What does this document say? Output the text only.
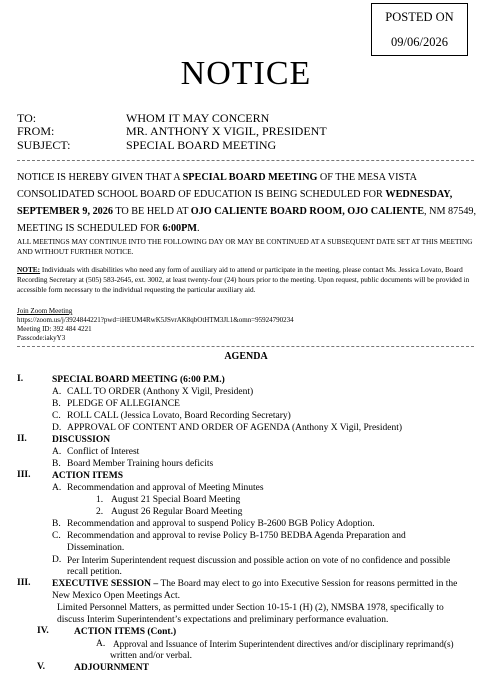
POSTED ON
09/06/2026
NOTICE
TO:	WHOM IT MAY CONCERN
FROM:	MR. ANTHONY X VIGIL, PRESIDENT
SUBJECT:	SPECIAL BOARD MEETING
NOTICE IS HEREBY GIVEN THAT A SPECIAL BOARD MEETING OF THE MESA VISTA CONSOLIDATED SCHOOL BOARD OF EDUCATION IS BEING SCHEDULED FOR WEDNESDAY, SEPTEMBER 9, 2026 TO BE HELD AT OJO CALIENTE BOARD ROOM, OJO CALIENTE, NM 87549, MEETING IS SCHEDULED FOR 6:00PM.
ALL MEETINGS MAY CONTINUE INTO THE FOLLOWING DAY OR MAY BE CONTINUED AT A SUBSEQUENT DATE SET AT THIS MEETING AND WITHOUT FURTHER NOTICE.
NOTE: Individuals with disabilities who need any form of auxiliary aid to attend or participate in the meeting, please contact Ms. Jessica Lovato, Board Recording Secretary at (505) 583-2645, ext. 3002, at least twenty-four (24) hours prior to the meeting. Upon request, public documents will be provided in accessible form necessary to the individual requesting the particular auxiliary aid.
Join Zoom Meeting
https://zoom.us/j/3924844221?pwd=iHEUM4RwK5JSvrAK8qbOtHTM3Jl.1&omn=95924790234
Meeting ID: 392 484 4221
Passcode:iakyY3
AGENDA
I.	SPECIAL BOARD MEETING (6:00 P.M.)
A. CALL TO ORDER (Anthony X Vigil, President)
B. PLEDGE OF ALLEGIANCE
C. ROLL CALL (Jessica Lovato, Board Recording Secretary)
D. APPROVAL OF CONTENT AND ORDER OF AGENDA (Anthony X Vigil, President)
II.	DISCUSSION
A. Conflict of Interest
B. Board Member Training hours deficits
III. ACTION ITEMS
A. Recommendation and approval of Meeting Minutes
1. August 21 Special Board Meeting
2. August 26 Regular Board Meeting
B. Recommendation and approval to suspend Policy B-2600 BGB Policy Adoption.
C. Recommendation and approval to revise Policy B-1750 BEDBA Agenda Preparation and
Dissemination.
D. Per Interim Superintendent request discussion and possible action on vote of no confidence and possible
recall petition.
III. EXECUTIVE SESSION – The Board may elect to go into Executive Session for reasons permitted in the
New Mexico Open Meetings Act.
Limited Personnel Matters, as permitted under Section 10-15-1 (H) (2), NMSBA 1978, specifically to
discuss Interim Superintendent’s expectations and preliminary performance evaluation.
IV.	ACTION ITEMS (Cont.)
A. Approval and Issuance of Interim Superintendent directives and/or disciplinary reprimand(s)
written and/or verbal.
V.	ADJOURNMENT
